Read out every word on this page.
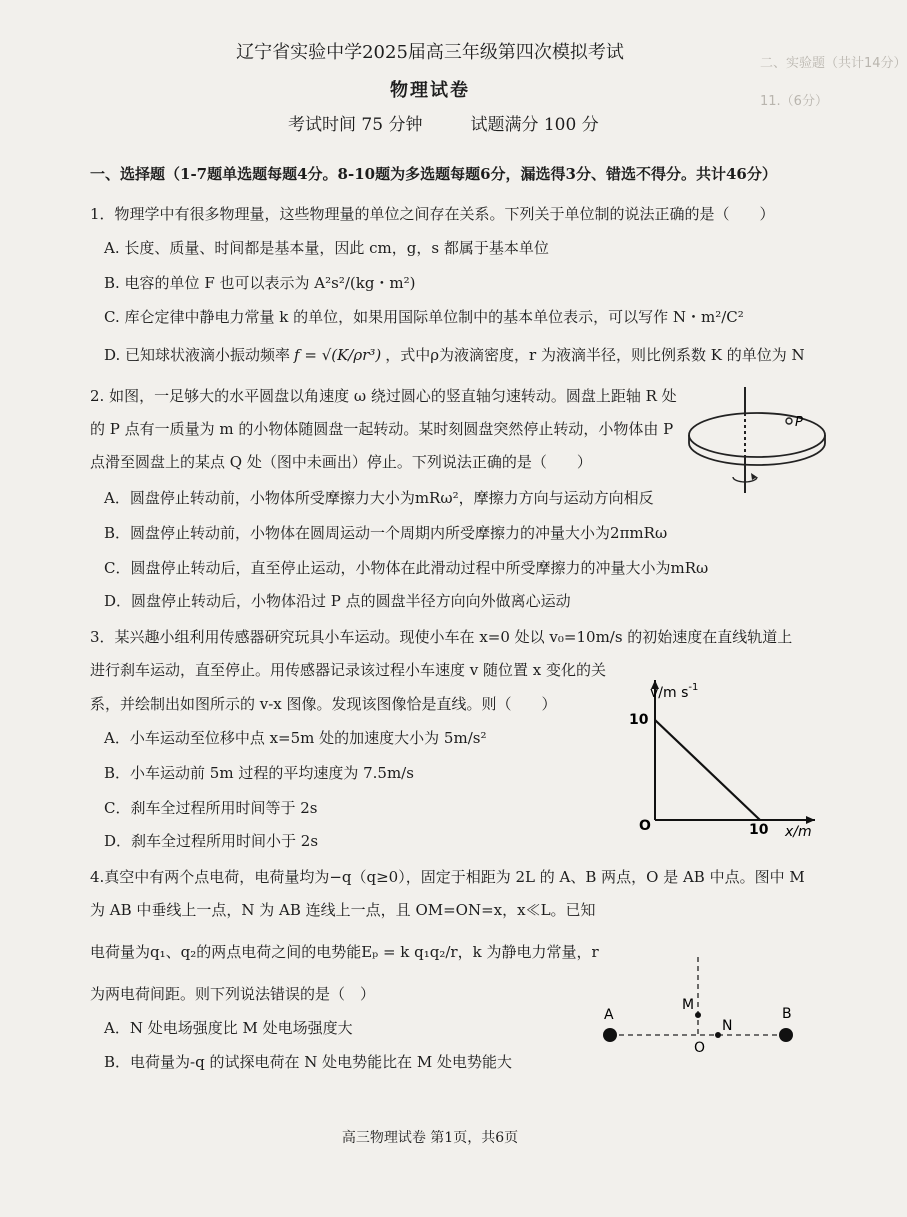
二、实验题（共计14分）
11.（6分）
辽宁省实验中学2025届高三年级第四次模拟考试
物理试卷
考试时间 75 分钟	试题满分 100 分
一、选择题（1-7题单选题每题4分。8-10题为多选题每题6分，漏选得3分、错选不得分。共计46分）
1．物理学中有很多物理量，这些物理量的单位之间存在关系。下列关于单位制的说法正确的是（　　）
A. 长度、质量、时间都是基本量，因此 cm，g，s 都属于基本单位
B. 电容的单位 F 也可以表示为 A²s²/(kg・m²)
C. 库仑定律中静电力常量 k 的单位，如果用国际单位制中的基本单位表示，可以写作 N・m²/C²
D. 已知球状液滴小振动频率 f = √(K/ρr³) ，式中ρ为液滴密度，r 为液滴半径，则比例系数 K 的单位为 N
2. 如图，一足够大的水平圆盘以角速度 ω 绕过圆心的竖直轴匀速转动。圆盘上距轴 R 处
的 P 点有一质量为 m 的小物体随圆盘一起转动。某时刻圆盘突然停止转动，小物体由 P
点滑至圆盘上的某点 Q 处（图中未画出）停止。下列说法正确的是（　　）
A．圆盘停止转动前，小物体所受摩擦力大小为mRω²，摩擦力方向与运动方向相反
B．圆盘停止转动前，小物体在圆周运动一个周期内所受摩擦力的冲量大小为2πmRω
C．圆盘停止转动后，直至停止运动，小物体在此滑动过程中所受摩擦力的冲量大小为mRω
D．圆盘停止转动后，小物体沿过 P 点的圆盘半径方向向外做离心运动
P
3．某兴趣小组利用传感器研究玩具小车运动。现使小车在 x=0 处以 v₀=10m/s 的初始速度在直线轨道上
进行刹车运动，直至停止。用传感器记录该过程小车速度 v 随位置 x 变化的关
系，并绘制出如图所示的 v-x 图像。发现该图像恰是直线。则（　　）
A．小车运动至位移中点 x=5m 处的加速度大小为 5m/s²
B．小车运动前 5m 过程的平均速度为 7.5m/s
C．刹车全过程所用时间等于 2s
D．刹车全过程所用时间小于 2s
v/m $s^{-1}$
x/m
O
10
10
4.真空中有两个点电荷，电荷量均为−q（q≥0），固定于相距为 2L 的 A、B 两点，O 是 AB 中点。图中 M
为 AB 中垂线上一点，N 为 AB 连线上一点，且 OM=ON=x，x≪L。已知
电荷量为q₁、q₂的两点电荷之间的电势能Eₚ = k q₁q₂/r，k 为静电力常量，r
为两电荷间距。则下列说法错误的是（　）
A．N 处电场强度比 M 处电场强度大
B．电荷量为-q 的试探电荷在 N 处电势能比在 M 处电势能大
A	B
M
N
O
高三物理试卷 第1页，共6页
